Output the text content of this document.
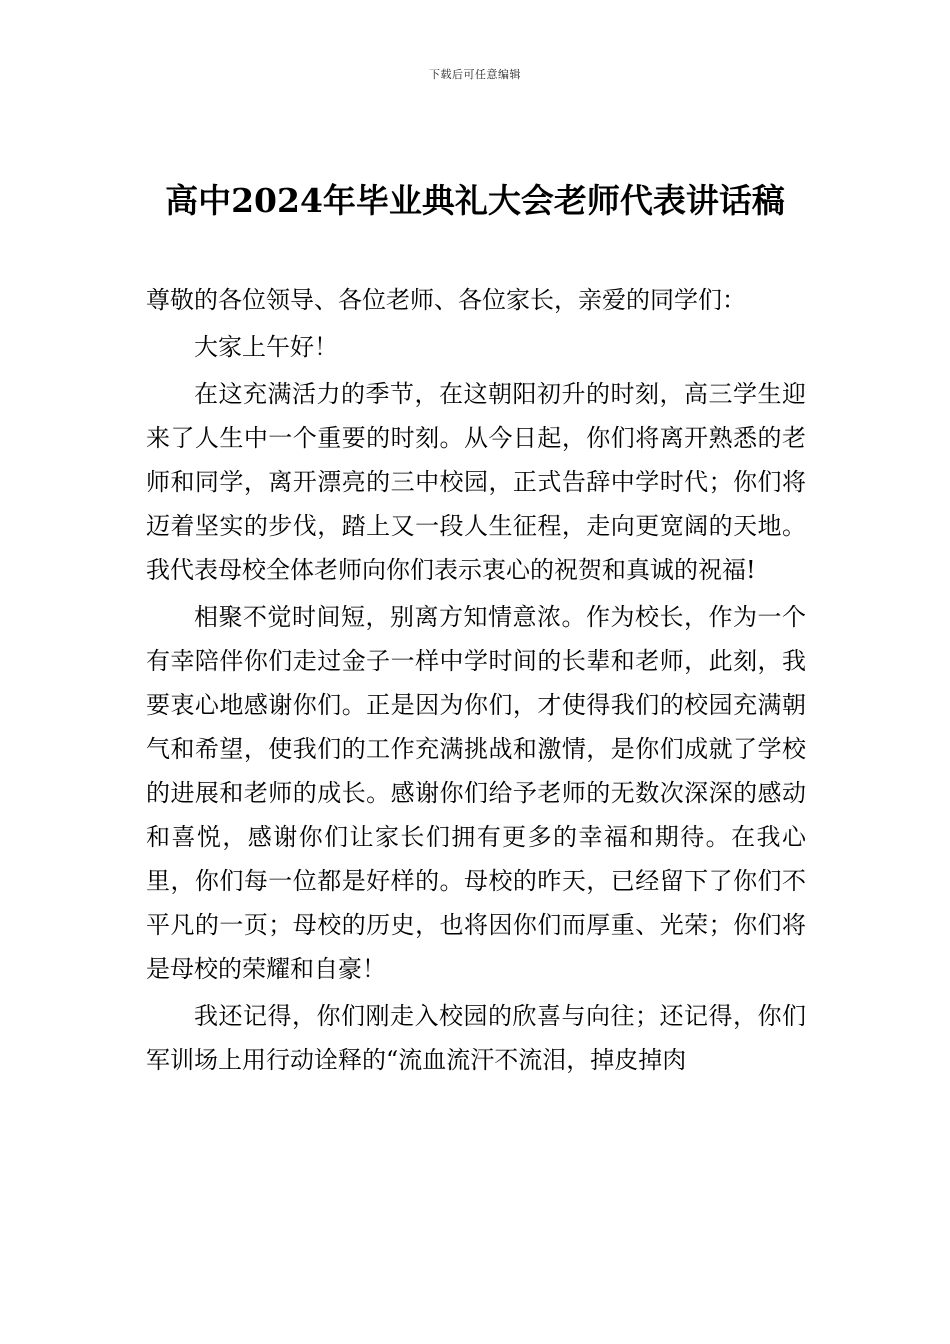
下载后可任意编辑
高中2024年毕业典礼大会老师代表讲话稿

尊敬的各位领导、各位老师、各位家长，亲爱的同学们：

大家上午好！

在这充满活力的季节，在这朝阳初升的时刻，高三学生迎来了人生中一个重要的时刻。从今日起，你们将离开熟悉的老师和同学，离开漂亮的三中校园，正式告辞中学时代；你们将迈着坚实的步伐，踏上又一段人生征程，走向更宽阔的天地。我代表母校全体老师向你们表示衷心的祝贺和真诚的祝福!

相聚不觉时间短，别离方知情意浓。作为校长，作为一个有幸陪伴你们走过金子一样中学时间的长辈和老师，此刻，我要衷心地感谢你们。正是因为你们，才使得我们的校园充满朝气和希望，使我们的工作充满挑战和激情，是你们成就了学校的进展和老师的成长。感谢你们给予老师的无数次深深的感动和喜悦，感谢你们让家长们拥有更多的幸福和期待。在我心里，你们每一位都是好样的。母校的昨天，已经留下了你们不平凡的一页；母校的历史，也将因你们而厚重、光荣；你们将是母校的荣耀和自豪！

我还记得，你们刚走入校园的欣喜与向往；还记得，你们军训场上用行动诠释的“流血流汗不流泪，掉皮掉肉
